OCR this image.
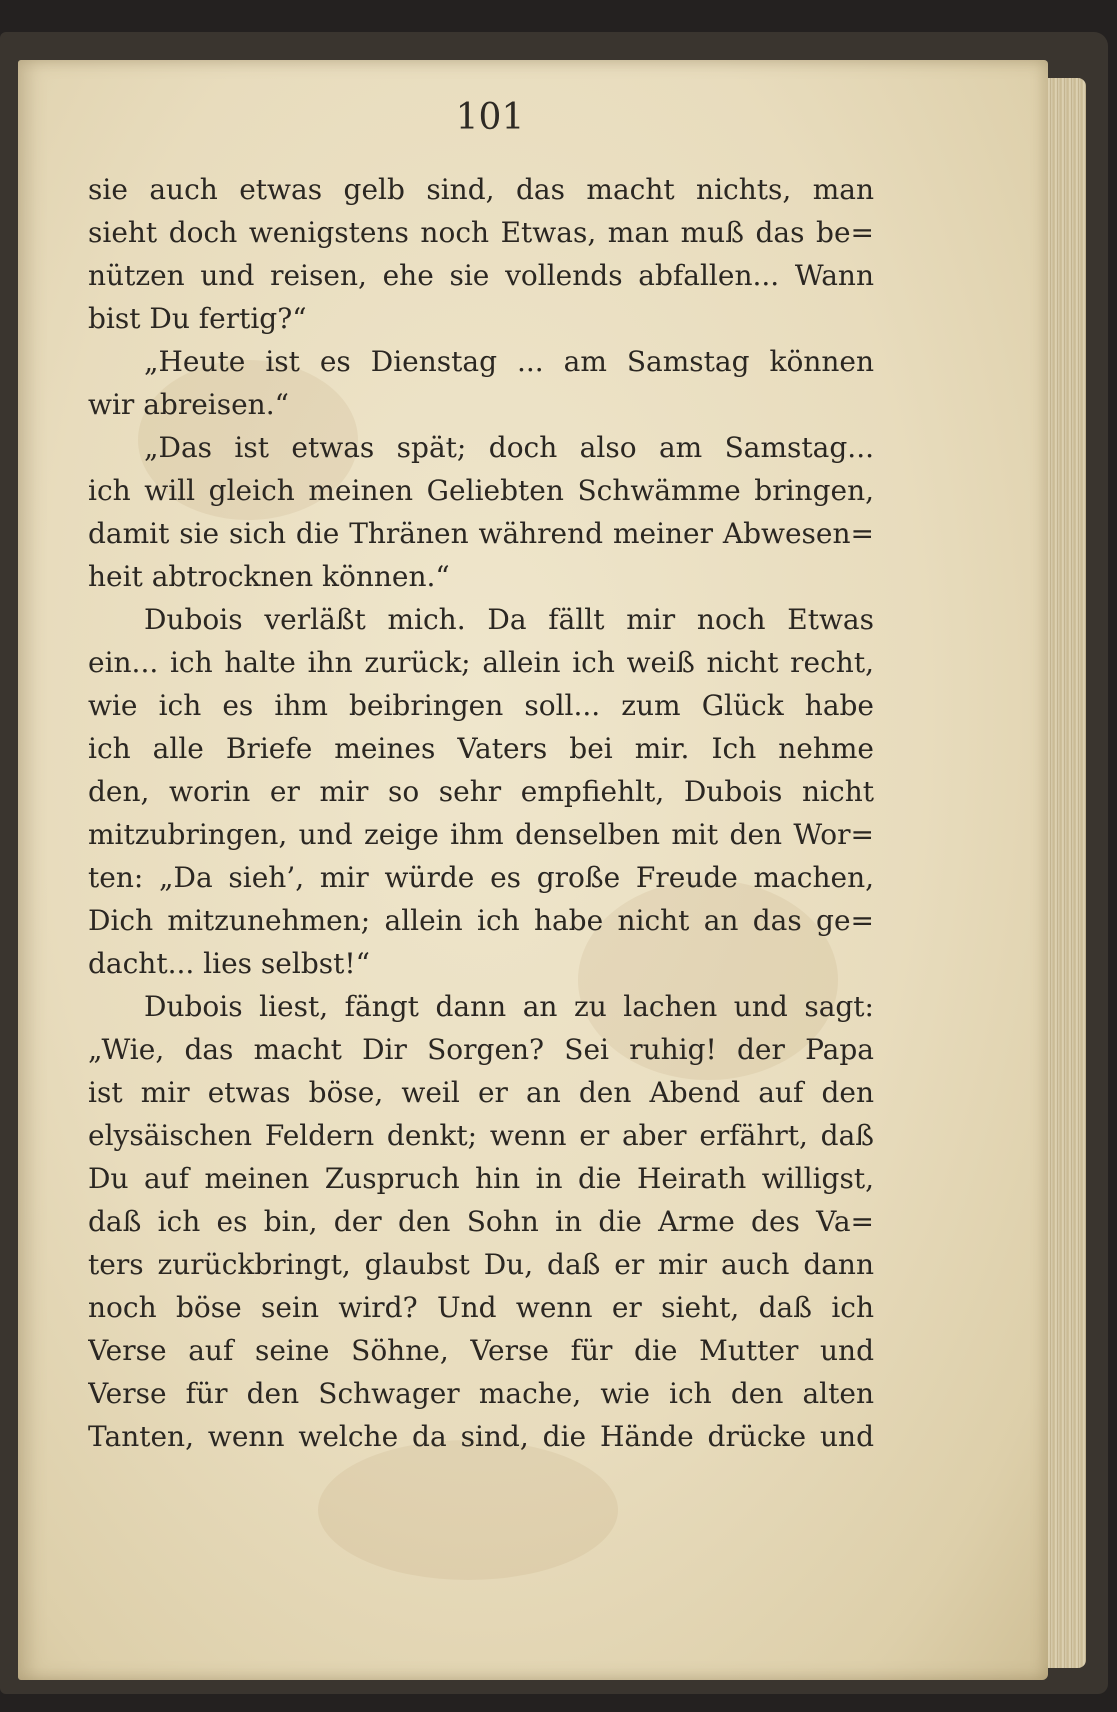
101
sie auch etwas gelb sind, das macht nichts, man
sieht doch wenigstens noch Etwas, man muß das be=
nützen und reisen, ehe sie vollends abfallen... Wann
bist Du fertig?“
„Heute ist es Dienstag ... am Samstag können
wir abreisen.“
„Das ist etwas spät; doch also am Samstag...
ich will gleich meinen Geliebten Schwämme bringen,
damit sie sich die Thränen während meiner Abwesen=
heit abtrocknen können.“
Dubois verläßt mich. Da fällt mir noch Etwas
ein... ich halte ihn zurück; allein ich weiß nicht recht,
wie ich es ihm beibringen soll... zum Glück habe
ich alle Briefe meines Vaters bei mir. Ich nehme
den, worin er mir so sehr empfiehlt, Dubois nicht
mitzubringen, und zeige ihm denselben mit den Wor=
ten: „Da sieh’, mir würde es große Freude machen,
Dich mitzunehmen; allein ich habe nicht an das ge=
dacht... lies selbst!“
Dubois liest, fängt dann an zu lachen und sagt:
„Wie, das macht Dir Sorgen? Sei ruhig! der Papa
ist mir etwas böse, weil er an den Abend auf den
elysäischen Feldern denkt; wenn er aber erfährt, daß
Du auf meinen Zuspruch hin in die Heirath willigst,
daß ich es bin, der den Sohn in die Arme des Va=
ters zurückbringt, glaubst Du, daß er mir auch dann
noch böse sein wird? Und wenn er sieht, daß ich
Verse auf seine Söhne, Verse für die Mutter und
Verse für den Schwager mache, wie ich den alten
Tanten, wenn welche da sind, die Hände drücke und
